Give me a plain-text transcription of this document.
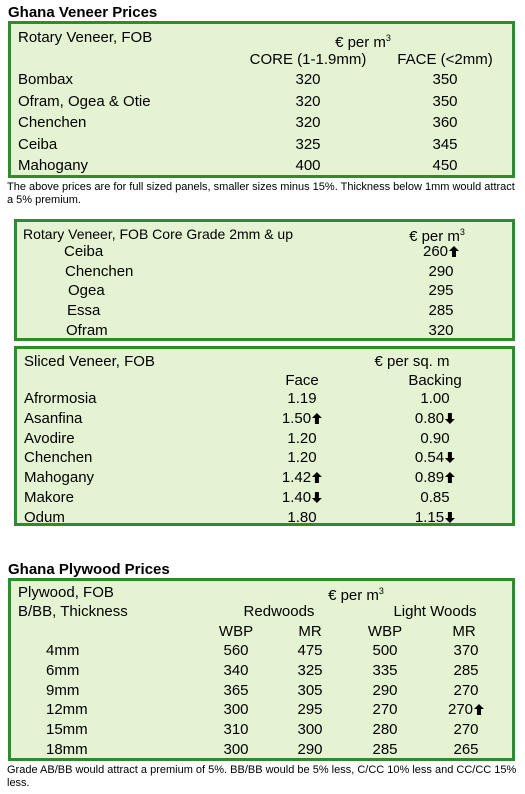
Ghana Veneer Prices
Rotary Veneer, FOB	€ per $m^3$
CORE (1-1.9mm) FACE (<2mm)
Bombax	320	350
Ofram, Ogea & Otie	320	350
Chenchen	320	360
Ceiba	325	345
Mahogany	400	450
The above prices are for full sized panels, smaller sizes minus 15%. Thickness below 1mm would attract a 5% premium.
Rotary Veneer, FOB Core Grade 2mm & up	€ per $m^3$
Ceiba	260
Chenchen	290
Ogea	295
Essa	285
Ofram	320
Sliced Veneer, FOB	€ per sq. m
Face	Backing
Afrormosia	1.19	1.00
Asanfina	1.50	0.80
Avodire	1.20	0.90
Chenchen	1.20	0.54
Mahogany	1.42	0.89
Makore	1.40	0.85
Odum	1.80	1.15
Ghana Plywood Prices
Plywood, FOB	€ per $m^3$
B/BB, Thickness	Redwoods	Light Woods
WBP	MR	WBP	MR
4mm	560	475	500	370
6mm	340	325	335	285
9mm	365	305	290	270
12mm	300	295	270	270
15mm	310	300	280	270
18mm	300	290	285	265
Grade AB/BB would attract a premium of 5%. BB/BB would be 5% less, C/CC 10% less and CC/CC 15% less.
